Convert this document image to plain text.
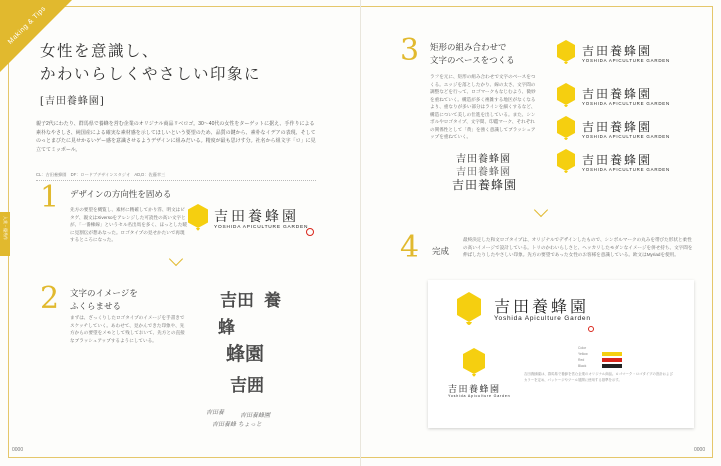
Making & Tips
入賞・優秀作
0000	0000
女性を意識し、
かわいらしくやさしい印象に
[吉田養蜂園]
親子2代にわたり、群馬県で養蜂を営む企業のオリジナル商品リベロゴ。30～40代の女性をターゲットに据え、手作りによる素朴なやさしさ、純国産による確実な素材感を示してほしいという要望のため、品質の鍵から、素朴なイデアの表現、そしてのっとまびたに見せかるいゲー感を意識させるようデザインに組みだいる。精度が最も思けす分。社名から組文字「ロ」に見立ててミッボール。
CL：吉田養蜂園　DF：ロードプデザインスタジオ　AD,D：佐藤幸三
1 デザインの方向性を固める
先方の要望を概覧し、素材に精確してかり雰、明文はピタゲ、親文はXiversoをアレンジした可読性の高い文字とが、「一番棟線」というセル名出馬を多く、ほっとした暖に見割伝が想あなった。ロゴタイプの見せかたいで再現するところになった。
吉田養蜂園
YOSHIDA APICULTURE GARDEN
2 文字のイメージを
ふくらませる
まずは、ざっくりしたロゴタイプのイメージを手書きでスケッチしていく。あわせて、見かんできた印象や、先方からの要望をメモとして残しておいて、先方との直接なブラッシュアップするようにしている。
吉田 養
蜂
蜂園
吉囲
吉田養	吉田養蜂園
吉田養蜂 ちょっと
3 矩形の組み合わせで
文字のベースをつくる
ラフを元に、矩形の組み合わせで文字のベースをつくる。エッジを落としたかり、線の太さ、文字間の調整などを行って、ロゴマークもなじむよう、微妙を重ねていく。構造が多く複雑する地区がなくなるより、重なりが多い部分はラインを細くするなど、構造について美しの仕進を出している。また、シンボルやロゴタイプ、文字間、印鑑マーク、それぞれの関係性として「黄」を強く意識してブラッシュアップを重ねていく。
吉田養蜂園
吉田養蜂園
吉田養蜂園
吉田養蜂園
YOSHIDA APICULTURE GARDEN
吉田養蜂園
YOSHIDA APICULTURE GARDEN
吉田養蜂園
YOSHIDA APICULTURE GARDEN
吉田養蜂園
YOSHIDA APICULTURE GARDEN
4 完成
最終決定した和文ロゴタイプは、オリジナルでデザインしたもので、シンボルマークの丸みを帯びた形状と柔性の高いイメージで設計している。トリのかわいらしさと、ヘッカリしたモダンなイメージを併せ持ち、文字間を伸ばしたりしたやさしい印象。先方の要望であった女性のお客様を意識している。欧文はMyriadを使用。
吉田養蜂園
Yoshida Apiculture Garden
吉田養蜂園
Yoshida Apiculture Garden
Color
Yellow
Red
Black
吉田養蜂園は、群馬県で養蜂を営む企業のオリジナル商品。ロゴマーク・ロゴタイプの設計およびカラーを定め、パッケージやツール展開に使用する基準を示す。
